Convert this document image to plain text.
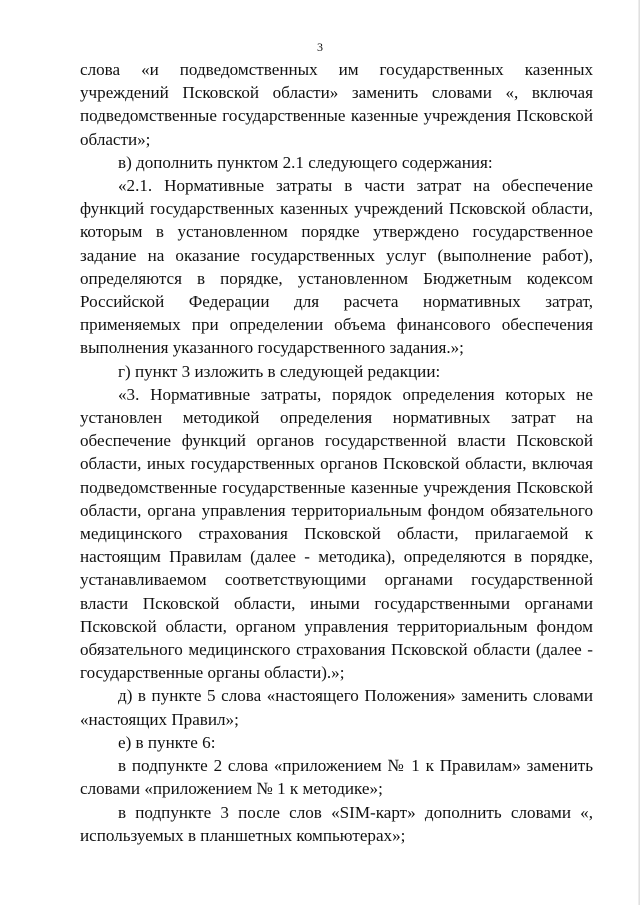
3

слова «и подведомственных им государственных казенных учреждений Псковской области» заменить словами «, включая подведомственные государственные казенные учреждения Псковской области»;

в) дополнить пунктом 2.1 следующего содержания:

«2.1. Нормативные затраты в части затрат на обеспечение функций государственных казенных учреждений Псковской области, которым в установленном порядке утверждено государственное задание на оказание государственных услуг (выполнение работ), определяются в порядке, установленном Бюджетным кодексом Российской Федерации для расчета нормативных затрат, применяемых при определении объема финансового обеспечения выполнения указанного государственного задания.»;

г) пункт 3 изложить в следующей редакции:

«3. Нормативные затраты, порядок определения которых не установлен методикой определения нормативных затрат на обеспечение функций органов государственной власти Псковской области, иных государственных органов Псковской области, включая подведомственные государственные казенные учреждения Псковской области, органа управления территориальным фондом обязательного медицинского страхования Псковской области, прилагаемой к настоящим Правилам (далее - методика), определяются в порядке, устанавливаемом соответствующими органами государственной власти Псковской области, иными государственными органами Псковской области, органом управления территориальным фондом обязательного медицинского страхования Псковской области (далее - государственные органы области).»;

д) в пункте 5 слова «настоящего Положения» заменить словами «настоящих Правил»;

е) в пункте 6:

в подпункте 2 слова «приложением № 1 к Правилам» заменить словами «приложением № 1 к методике»;

в подпункте 3 после слов «SIM-карт» дополнить словами «, используемых в планшетных компьютерах»;
